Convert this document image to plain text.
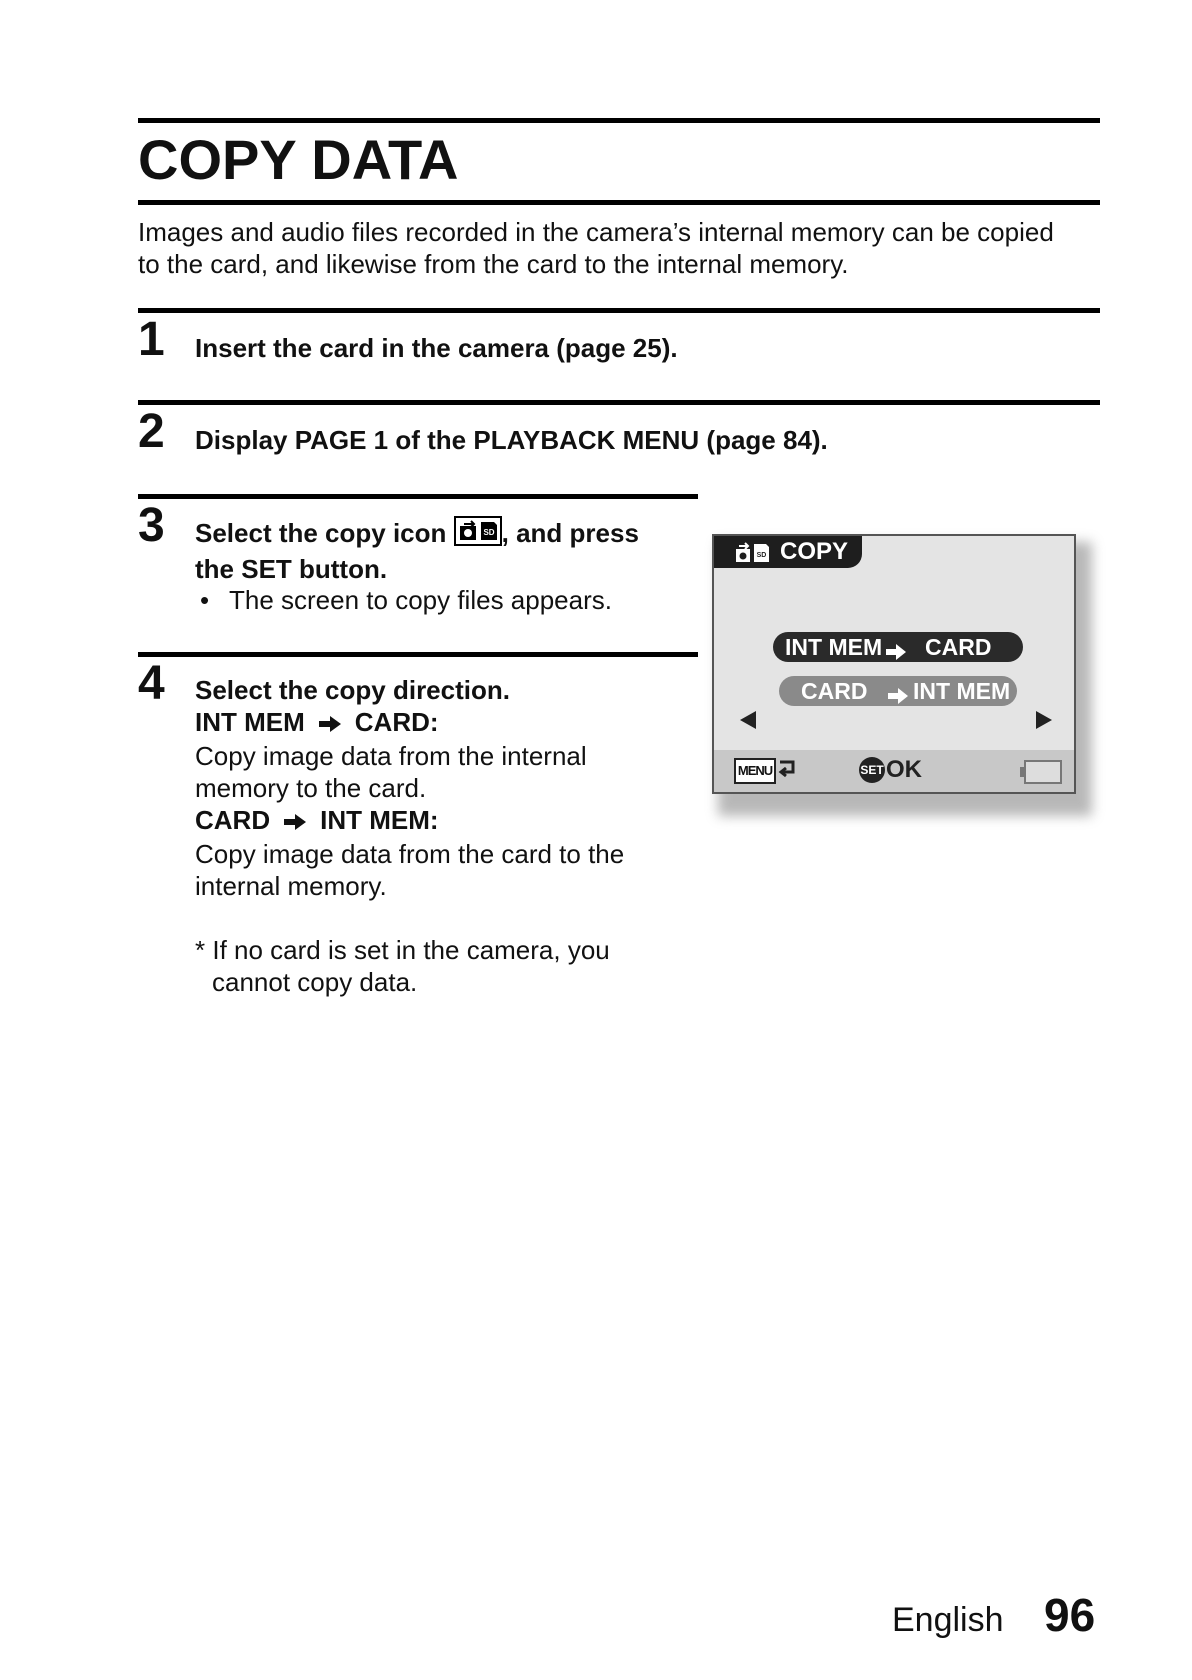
COPY DATA
Images and audio files recorded in the camera’s internal memory can be copied to the card, and likewise from the card to the internal memory.
1 Insert the card in the camera (page 25).
2 Display PAGE 1 of the PLAYBACK MENU (page 84).
3 Select the copy icon	SD , and press
the SET button.
• The screen to copy files appears.
4 Select the copy direction.
INT MEM CARD:
Copy image data from the internal memory to the card.
CARD INT MEM:
Copy image data from the card to the internal memory.
* If no card is set in the camera, you
cannot copy data.
SD COPY
INT MEM CARD
CARD INT MEM
MENU	SET OK
English 96
